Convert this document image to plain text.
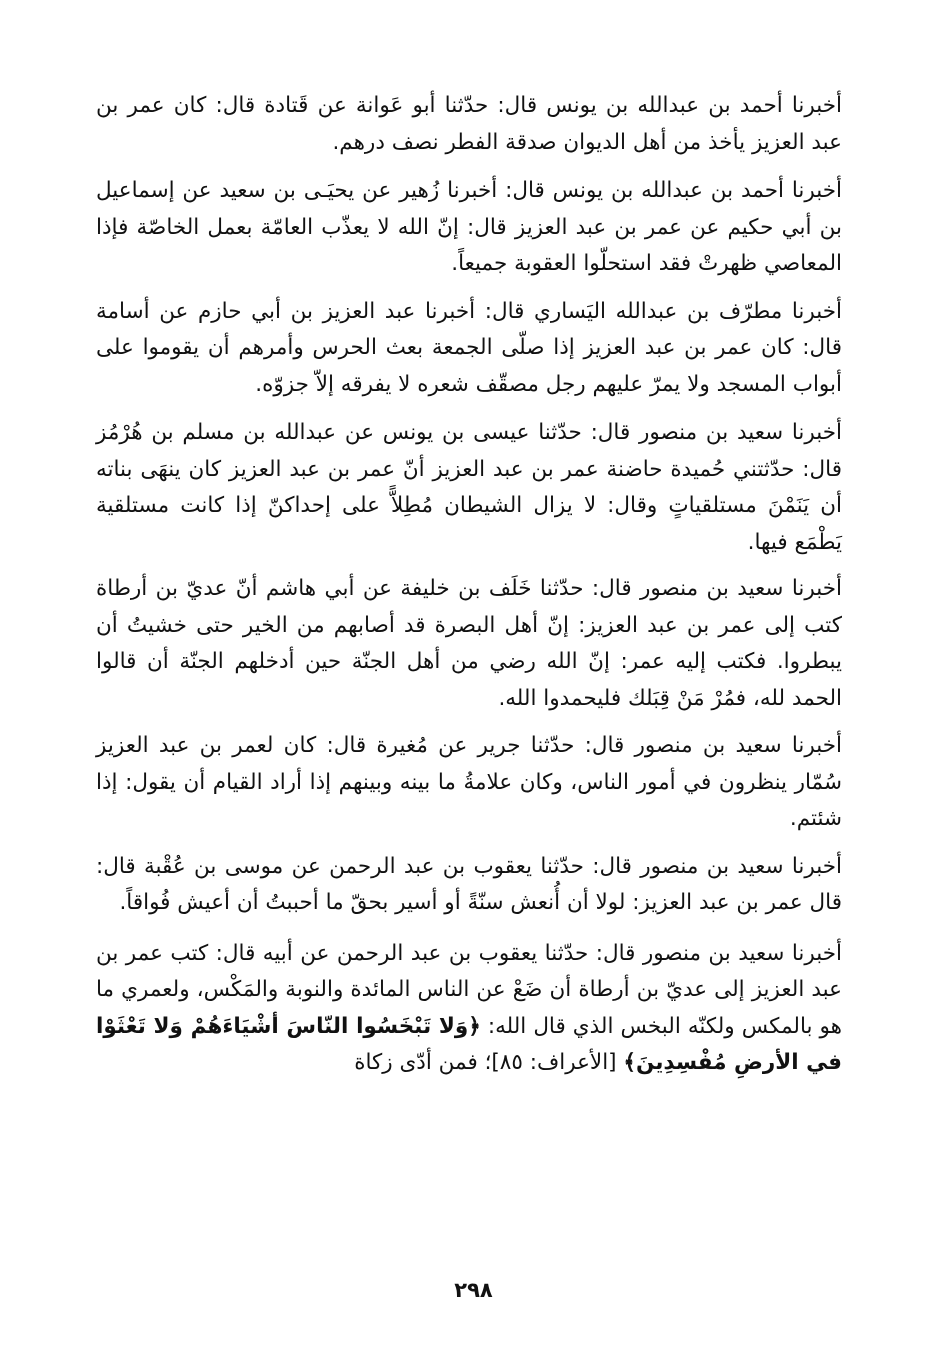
أخبرنا أحمد بن عبدالله بن يونس قال: حدّثنا أبو عَوانة عن قَتادة قال: كان عمر بن عبد العزيز يأخذ من أهل الديوان صدقة الفطر نصف درهم.

أخبرنا أحمد بن عبدالله بن يونس قال: أخبرنا زُهير عن يحيَـى بن سعيد عن إسماعيل بن أبي حكيم عن عمر بن عبد العزيز قال: إنّ الله لا يعذّب العامّة بعمل الخاصّة فإذا المعاصي ظهرتْ فقد استحلّوا العقوبة جميعاً.

أخبرنا مطرّف بن عبدالله اليَساري قال: أخبرنا عبد العزيز بن أبي حازم عن أسامة قال: كان عمر بن عبد العزيز إذا صلّى الجمعة بعث الحرس وأمرهم أن يقوموا على أبواب المسجد ولا يمرّ عليهم رجل مصقّف شعره لا يفرقه إلاّ جزوّه.

أخبرنا سعيد بن منصور قال: حدّثنا عيسى بن يونس عن عبدالله بن مسلم بن هُرْمُز قال: حدّثتني حُميدة حاضنة عمر بن عبد العزيز أنّ عمر بن عبد العزيز كان ينهَى بناته أن يَنَمْنَ مستلقياتٍ وقال: لا يزال الشيطان مُطِلاًّ على إحداكنّ إذا كانت مستلقية يَطْمَع فيها.

أخبرنا سعيد بن منصور قال: حدّثنا خَلَف بن خليفة عن أبي هاشم أنّ عديّ بن أرطاة كتب إلى عمر بن عبد العزيز: إنّ أهل البصرة قد أصابهم من الخير حتى خشيتُ أن يبطروا. فكتب إليه عمر: إنّ الله رضي من أهل الجنّة حين أدخلهم الجنّة أن قالوا الحمد لله، فمُرْ مَنْ قِبَلك فليحمدوا الله.

أخبرنا سعيد بن منصور قال: حدّثنا جرير عن مُغيرة قال: كان لعمر بن عبد العزيز سُمّار ينظرون في أمور الناس، وكان علامةُ ما بينه وبينهم إذا أراد القيام أن يقول: إذا شئتم.

أخبرنا سعيد بن منصور قال: حدّثنا يعقوب بن عبد الرحمن عن موسى بن عُقْبة قال: قال عمر بن عبد العزيز: لولا أن أُنعش سنّةً أو أسير بحقّ ما أحببتُ أن أعيش فُواقاً.

أخبرنا سعيد بن منصور قال: حدّثنا يعقوب بن عبد الرحمن عن أبيه قال: كتب عمر بن عبد العزيز إلى عديّ بن أرطاة أن ضَعْ عن الناس المائدة والنوبة والمَكْس، ولعمري ما هو بالمكس ولكنّه البخس الذي قال الله: ﴿وَلا تَبْخَسُوا النّاسَ أشْيَاءَهُمْ وَلا تَعْثَوْا في الأرضِ مُفْسِدِينَ﴾ [الأعراف: ٨٥]؛ فمن أدّى زكاة

٢٩٨
